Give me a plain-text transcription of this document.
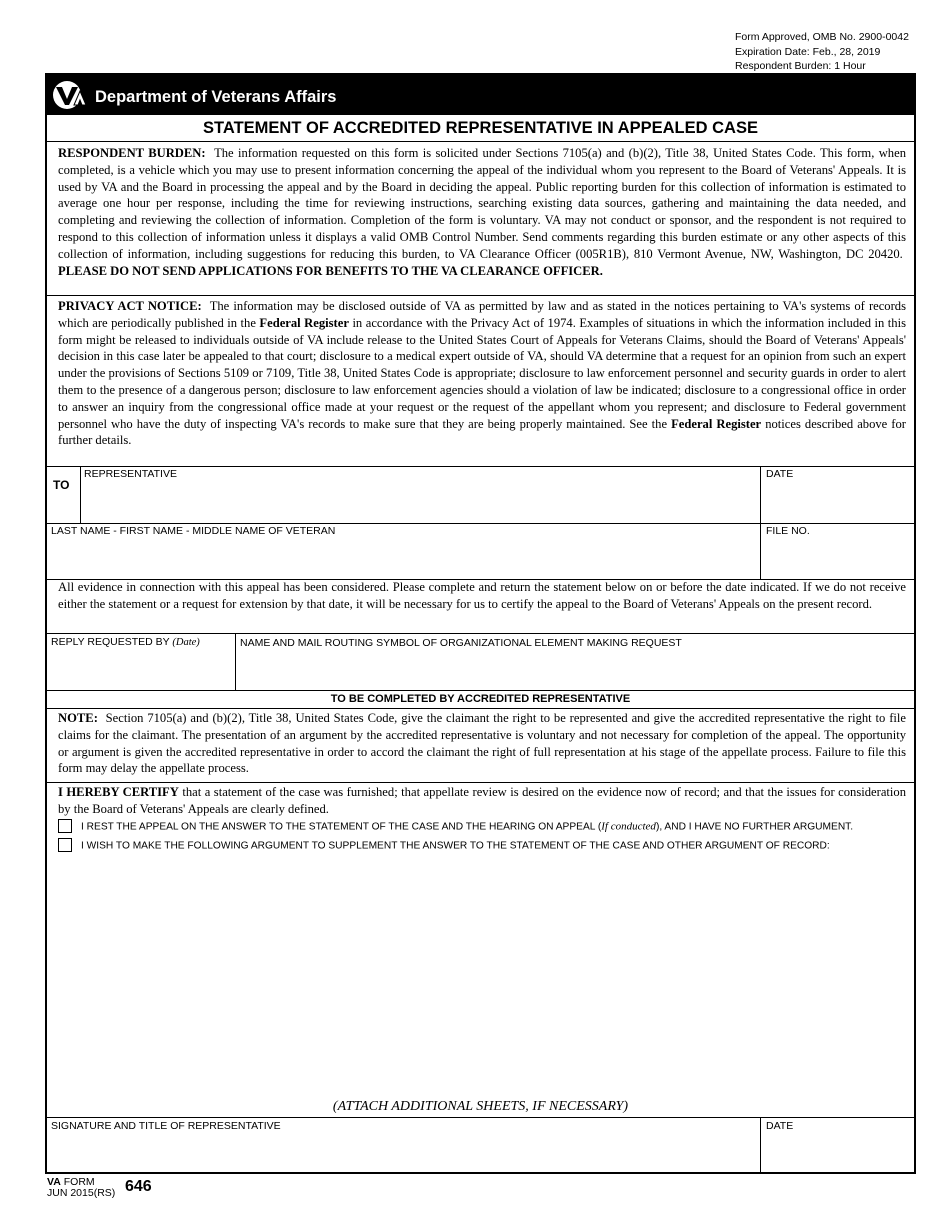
Form Approved, OMB No. 2900-0042
Expiration Date: Feb., 28, 2019
Respondent Burden: 1 Hour
Department of Veterans Affairs
STATEMENT OF ACCREDITED REPRESENTATIVE IN APPEALED CASE
RESPONDENT BURDEN: The information requested on this form is solicited under Sections 7105(a) and (b)(2), Title 38, United States Code. This form, when completed, is a vehicle which you may use to present information concerning the appeal of the individual whom you represent to the Board of Veterans' Appeals. It is used by VA and the Board in processing the appeal and by the Board in deciding the appeal. Public reporting burden for this collection of information is estimated to average one hour per response, including the time for reviewing instructions, searching existing data sources, gathering and maintaining the data needed, and completing and reviewing the collection of information. Completion of the form is voluntary. VA may not conduct or sponsor, and the respondent is not required to respond to this collection of information unless it displays a valid OMB Control Number. Send comments regarding this burden estimate or any other aspects of this collection of information, including suggestions for reducing this burden, to VA Clearance Officer (005R1B), 810 Vermont Avenue, NW, Washington, DC 20420.  PLEASE DO NOT SEND APPLICATIONS FOR BENEFITS TO THE VA CLEARANCE OFFICER.
PRIVACY ACT NOTICE: The information may be disclosed outside of VA as permitted by law and as stated in the notices pertaining to VA's systems of records which are periodically published in the Federal Register in accordance with the Privacy Act of 1974. Examples of situations in which the information included in this form might be released to individuals outside of VA include release to the United States Court of Appeals for Veterans Claims, should the Board of Veterans' Appeals' decision in this case later be appealed to that court; disclosure to a medical expert outside of VA, should VA determine that a request for an opinion from such an expert under the provisions of Sections 5109 or 7109, Title 38, United States Code is appropriate; disclosure to law enforcement personnel and security guards in order to alert them to the presence of a dangerous person; disclosure to law enforcement agencies should a violation of law be indicated; disclosure to a congressional office in order to answer an inquiry from the congressional office made at your request or the request of the appellant whom you represent; and disclosure to Federal government personnel who have the duty of inspecting VA's records to make sure that they are being properly maintained. See the Federal Register notices described above for further details.
TO
REPRESENTATIVE	DATE
LAST NAME - FIRST NAME - MIDDLE NAME OF VETERAN	FILE NO.
All evidence in connection with this appeal has been considered. Please complete and return the statement below on or before the date indicated. If we do not receive either the statement or a request for extension by that date, it will be necessary for us to certify the appeal to the Board of Veterans' Appeals on the present record.
REPLY REQUESTED BY (Date)	NAME AND MAIL ROUTING SYMBOL OF ORGANIZATIONAL ELEMENT MAKING REQUEST
TO BE COMPLETED BY ACCREDITED REPRESENTATIVE
NOTE: Section 7105(a) and (b)(2), Title 38, United States Code, give the claimant the right to be represented and give the accredited representative the right to file claims for the claimant. The presentation of an argument by the accredited representative is voluntary and not necessary for completion of the appeal. The opportunity or argument is given the accredited representative in order to accord the claimant the right of full representation at his stage of the appellate process. Failure to file this form may delay the appellate process.
I HEREBY CERTIFY that a statement of the case was furnished; that appellate review is desired on the evidence now of record; and that the issues for consideration by the Board of Veterans' Appeals are clearly defined.
I REST THE APPEAL ON THE ANSWER TO THE STATEMENT OF THE CASE AND THE HEARING ON APPEAL (If conducted), AND I HAVE NO FURTHER ARGUMENT.
I WISH TO MAKE THE FOLLOWING ARGUMENT TO SUPPLEMENT THE ANSWER TO THE STATEMENT OF THE CASE AND OTHER ARGUMENT OF RECORD:
(ATTACH ADDITIONAL SHEETS, IF NECESSARY)
SIGNATURE AND TITLE OF REPRESENTATIVE	DATE
VA FORM
JUN 2015(RS) 646
